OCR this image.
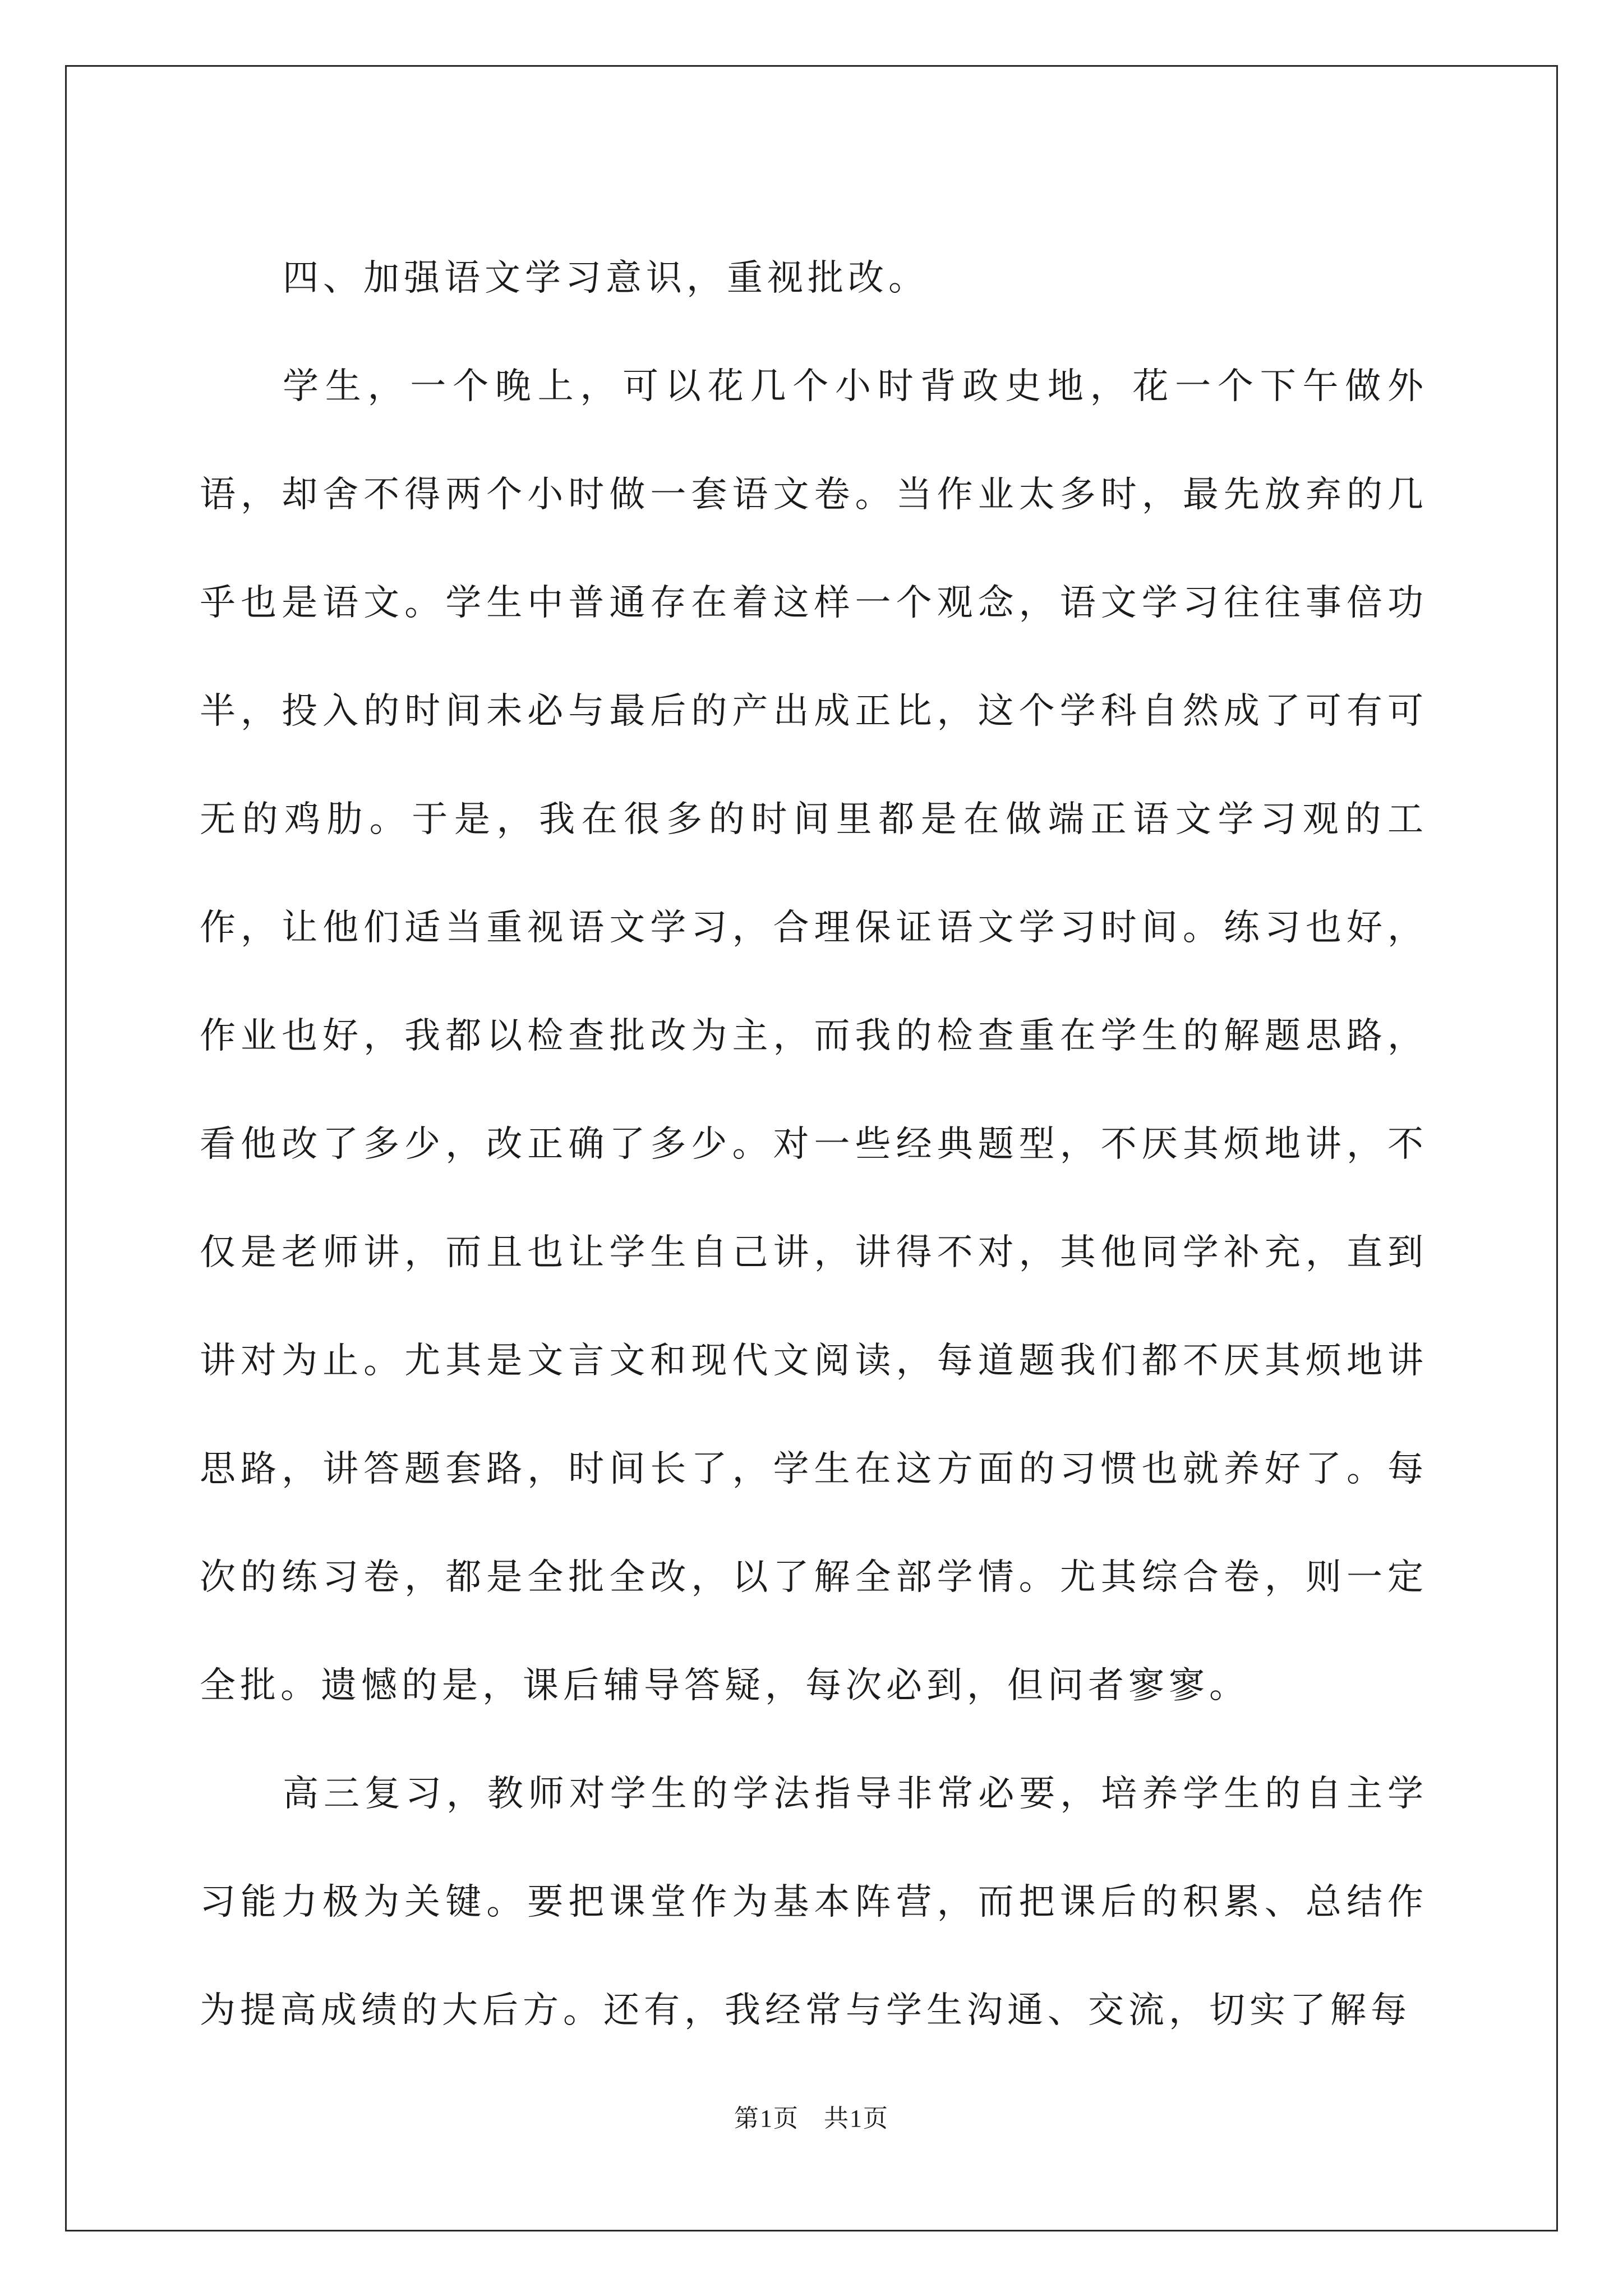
四、加强语文学习意识，重视批改。

学生，一个晚上，可以花几个小时背政史地，花一个下午做外语，却舍不得两个小时做一套语文卷。当作业太多时，最先放弃的几乎也是语文。学生中普通存在着这样一个观念，语文学习往往事倍功半，投入的时间未必与最后的产出成正比，这个学科自然成了可有可无的鸡肋。于是，我在很多的时间里都是在做端正语文学习观的工作，让他们适当重视语文学习，合理保证语文学习时间。练习也好，作业也好，我都以检查批改为主，而我的检查重在学生的解题思路，看他改了多少，改正确了多少。对一些经典题型，不厌其烦地讲，不仅是老师讲，而且也让学生自己讲，讲得不对，其他同学补充，直到讲对为止。尤其是文言文和现代文阅读，每道题我们都不厌其烦地讲思路，讲答题套路，时间长了，学生在这方面的习惯也就养好了。每次的练习卷，都是全批全改，以了解全部学情。尤其综合卷，则一定全批。遗憾的是，课后辅导答疑，每次必到，但问者寥寥。

高三复习，教师对学生的学法指导非常必要，培养学生的自主学习能力极为关键。要把课堂作为基本阵营，而把课后的积累、总结作为提高成绩的大后方。还有，我经常与学生沟通、交流，切实了解每

第1页 共1页
